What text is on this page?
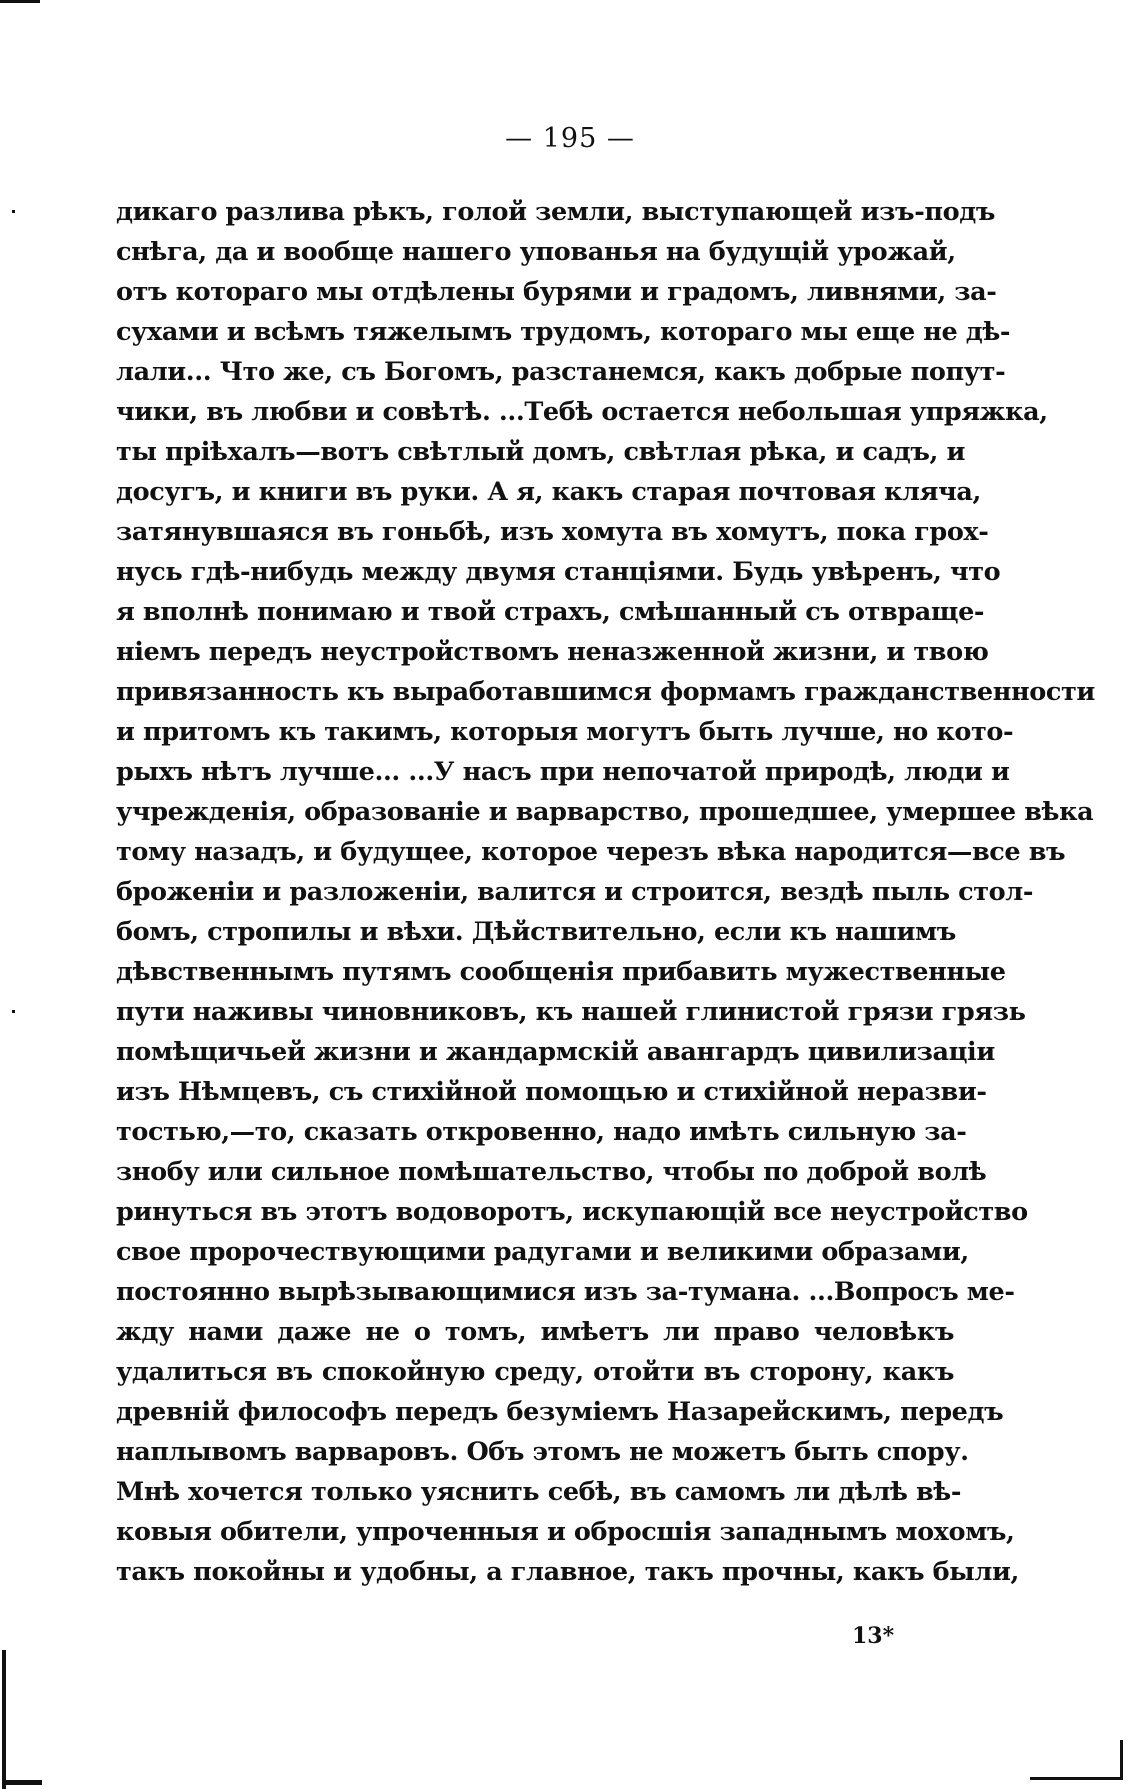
— 195 —
дикаго разлива рѣкъ, голой земли, выступающей изъ-подъ
снѣга, да и вообще нашего упованья на будущій урожай,
отъ котораго мы отдѣлены бурями и градомъ, ливнями, за-
сухами и всѣмъ тяжелымъ трудомъ, котораго мы еще не дѣ-
лали... Что же, съ Богомъ, разстанемся, какъ добрые попут-
чики, въ любви и совѣтѣ. ...Тебѣ остается небольшая упряжка,
ты пріѣхалъ—вотъ свѣтлый домъ, свѣтлая рѣка, и садъ, и
досугъ, и книги въ руки. А я, какъ старая почтовая кляча,
затянувшаяся въ гоньбѣ, изъ хомута въ хомутъ, пока грох-
нусь гдѣ-нибудь между двумя станціями. Будь увѣренъ, что
я вполнѣ понимаю и твой страхъ, смѣшанный съ отвраще-
ніемъ передъ неустройствомъ неназженной жизни, и твою
привязанность къ выработавшимся формамъ гражданственности
и притомъ къ такимъ, которыя могутъ быть лучше, но кото-
рыхъ нѣтъ лучше... ...У насъ при непочатой природѣ, люди и
учрежденія, образованіе и варварство, прошедшее, умершее вѣка
тому назадъ, и будущее, которое черезъ вѣка народится—все въ
броженіи и разложеніи, валится и строится, вездѣ пыль стол-
бомъ, стропилы и вѣхи. Дѣйствительно, если къ нашимъ
дѣвственнымъ путямъ сообщенія прибавить мужественные
пути наживы чиновниковъ, къ нашей глинистой грязи грязь
помѣщичьей жизни и жандармскій авангардъ цивилизаціи
изъ Нѣмцевъ, съ стихійной помощью и стихійной неразви-
тостью,—то, сказать откровенно, надо имѣть сильную за-
знобу или сильное помѣшательство, чтобы по доброй волѣ
ринуться въ этотъ водоворотъ, искупающій все неустройство
свое пророчествующими радугами и великими образами,
постоянно вырѣзывающимися изъ за-тумана. ...Вопросъ ме-
жду нами даже не о томъ, имѣетъ ли право человѣкъ
удалиться въ спокойную среду, отойти въ сторону, какъ
древній философъ передъ безуміемъ Назарейскимъ, передъ
наплывомъ варваровъ. Объ этомъ не можетъ быть спору.
Мнѣ хочется только уяснить себѣ, въ самомъ ли дѣлѣ вѣ-
ковыя обители, упроченныя и обросшія западнымъ мохомъ,
такъ покойны и удобны, а главное, такъ прочны, какъ были,
13*
